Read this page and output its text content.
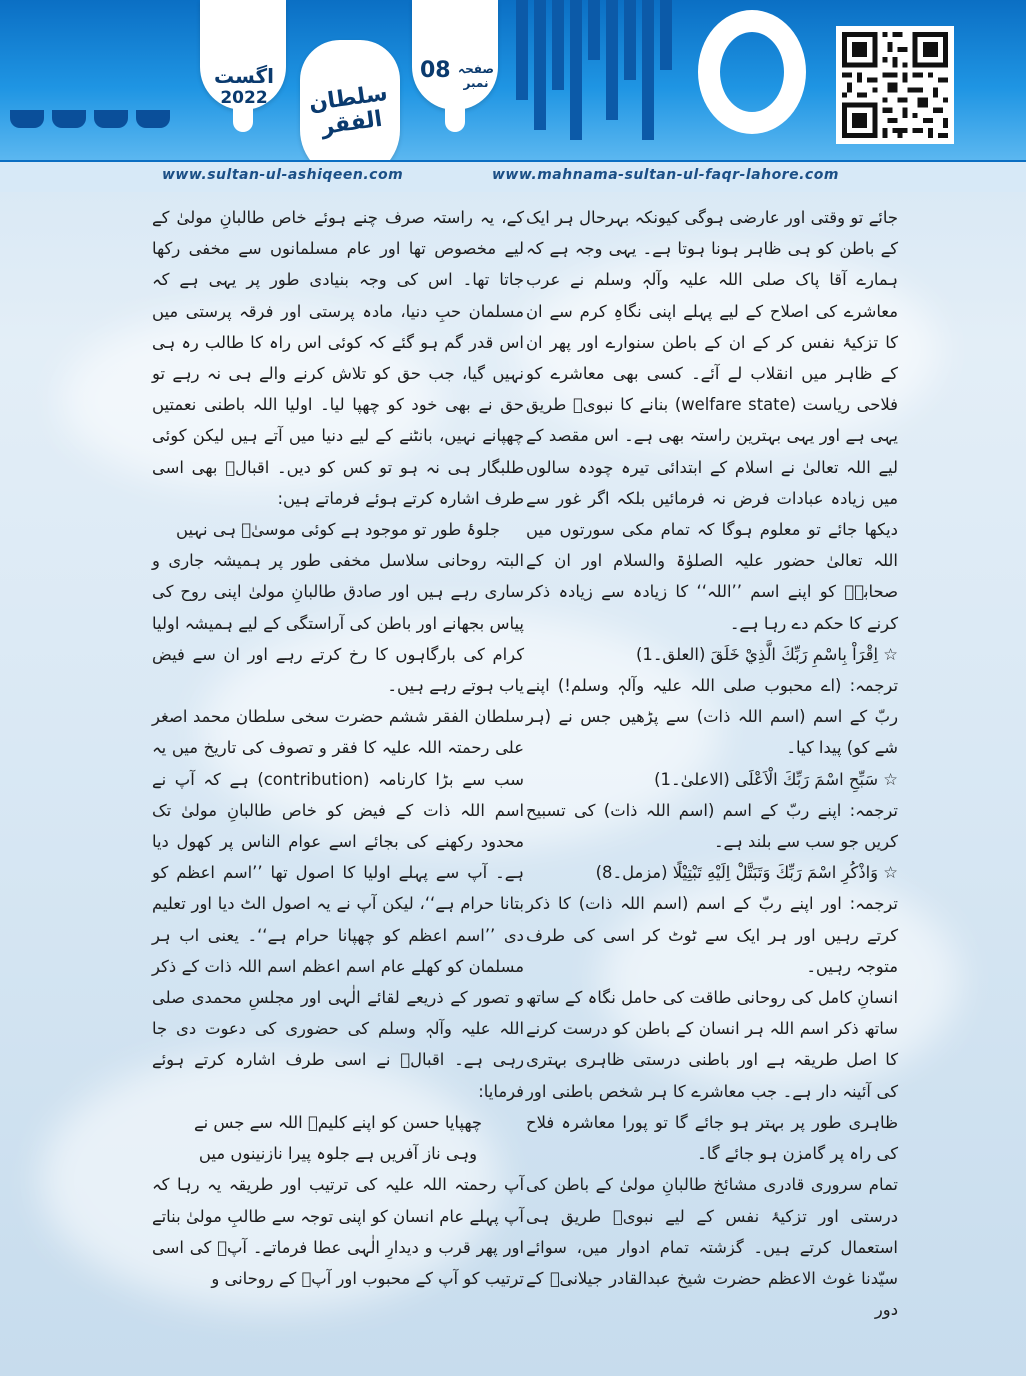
اگست
2022
08 صفحہ نمبر
سلطان الفقر
www.sultan-ul-ashiqeen.com	www.mahnama-sultan-ul-faqr-lahore.com

جائے تو وقتی اور عارضی ہوگی کیونکہ بہرحال ہر ایک کے باطن کو ہی ظاہر ہونا ہوتا ہے۔ یہی وجہ ہے کہ ہمارے آقا پاک صلی اللہ علیہ وآلہٖ وسلم نے عرب معاشرے کی اصلاح کے لیے پہلے اپنی نگاہِ کرم سے ان کا تزکیۂ نفس کر کے ان کے باطن سنوارے اور پھر ان کے ظاہر میں انقلاب لے آئے۔ کسی بھی معاشرے کو فلاحی ریاست (welfare state) بنانے کا نبویؐ طریق یہی ہے اور یہی بہترین راستہ بھی ہے۔ اس مقصد کے لیے اللہ تعالیٰ نے اسلام کے ابتدائی تیرہ چودہ سالوں میں زیادہ عبادات فرض نہ فرمائیں بلکہ اگر غور سے دیکھا جائے تو معلوم ہوگا کہ تمام مکی سورتوں میں اللہ تعالیٰ حضور علیہ الصلوٰۃ والسلام اور ان کے صحابہؓ کو اپنے اسم ’’اللہ‘‘ کا زیادہ سے زیادہ ذکر کرنے کا حکم دے رہا ہے۔

☆ اِقْرَاْ بِاسْمِ رَبِّكَ الَّذِيْ خَلَقَ (العلق۔1)

ترجمہ: (اے محبوب صلی اللہ علیہ وآلہٖ وسلم!) اپنے ربّ کے اسم (اسم اللہ ذات) سے پڑھیں جس نے (ہر شے کو) پیدا کیا۔

☆ سَبِّحِ اسْمَ رَبِّكَ الْاَعْلَى (الاعلیٰ۔1)

ترجمہ: اپنے ربّ کے اسم (اسم اللہ ذات) کی تسبیح کریں جو سب سے بلند ہے۔

☆ وَاذْكُرِ اسْمَ رَبِّكَ وَتَبَتَّلْ اِلَيْهِ تَبْتِيْلًا (مزمل۔8)

ترجمہ: اور اپنے ربّ کے اسم (اسم اللہ ذات) کا ذکر کرتے رہیں اور ہر ایک سے ٹوٹ کر اسی کی طرف متوجہ رہیں۔

انسانِ کامل کی روحانی طاقت کی حامل نگاہ کے ساتھ ساتھ ذکر اسم اللہ ہر انسان کے باطن کو درست کرنے کا اصل طریقہ ہے اور باطنی درستی ظاہری بہتری کی آئینہ دار ہے۔ جب معاشرے کا ہر شخص باطنی اور ظاہری طور پر بہتر ہو جائے گا تو پورا معاشرہ فلاح کی راہ پر گامزن ہو جائے گا۔

تمام سروری قادری مشائخ طالبانِ مولیٰ کے باطن کی درستی اور تزکیۂ نفس کے لیے نبویؐ طریق ہی استعمال کرتے ہیں۔ گزشتہ تمام ادوار میں، سوائے سیّدنا غوث الاعظم حضرت شیخ عبدالقادر جیلانیؓ کے دور

کے، یہ راستہ صرف چنے ہوئے خاص طالبانِ مولیٰ کے لیے مخصوص تھا اور عام مسلمانوں سے مخفی رکھا جاتا تھا۔ اس کی وجہ بنیادی طور پر یہی ہے کہ مسلمان حبِ دنیا، مادہ پرستی اور فرقہ پرستی میں اس قدر گم ہو گئے کہ کوئی اس راہ کا طالب رہ ہی نہیں گیا، جب حق کو تلاش کرنے والے ہی نہ رہے تو حق نے بھی خود کو چھپا لیا۔ اولیا اللہ باطنی نعمتیں چھپانے نہیں، بانٹنے کے لیے دنیا میں آتے ہیں لیکن کوئی طلبگار ہی نہ ہو تو کس کو دیں۔ اقبالؒ بھی اسی طرف اشارہ کرتے ہوئے فرماتے ہیں:

جلوۂ طور تو موجود ہے کوئی موسیٰؑ ہی نہیں

البتہ روحانی سلاسل مخفی طور پر ہمیشہ جاری و ساری رہے ہیں اور صادق طالبانِ مولیٰ اپنی روح کی پیاس بجھانے اور باطن کی آراستگی کے لیے ہمیشہ اولیا کرام کی بارگاہوں کا رخ کرتے رہے اور ان سے فیض یاب ہوتے رہے ہیں۔

سلطان الفقر ششم حضرت سخی سلطان محمد اصغر علی رحمتہ اللہ علیہ کا فقر و تصوف کی تاریخ میں یہ سب سے بڑا کارنامہ (contribution) ہے کہ آپ نے اسم اللہ ذات کے فیض کو خاص طالبانِ مولیٰ تک محدود رکھنے کی بجائے اسے عوام الناس پر کھول دیا ہے۔ آپ سے پہلے اولیا کا اصول تھا ’’اسم اعظم کو بتانا حرام ہے‘‘، لیکن آپ نے یہ اصول الٹ دیا اور تعلیم دی ’’اسم اعظم کو چھپانا حرام ہے‘‘۔ یعنی اب ہر مسلمان کو کھلے عام اسم اعظم اسم اللہ ذات کے ذکر و تصور کے ذریعے لقائے الٰہی اور مجلسِ محمدی صلی اللہ علیہ وآلہٖ وسلم کی حضوری کی دعوت دی جا رہی ہے۔ اقبالؒ نے اسی طرف اشارہ کرتے ہوئے فرمایا:

چھپایا حسن کو اپنے کلیمؑ اللہ سے جس نے

وہی ناز آفریں ہے جلوہ پیرا نازنینوں میں

آپ رحمتہ اللہ علیہ کی ترتیب اور طریقہ یہ رہا کہ آپ پہلے عام انسان کو اپنی توجہ سے طالبِ مولیٰ بناتے اور پھر قرب و دیدارِ الٰہی عطا فرماتے۔ آپؒ کی اسی ترتیب کو آپ کے محبوب اور آپؒ کے روحانی و
